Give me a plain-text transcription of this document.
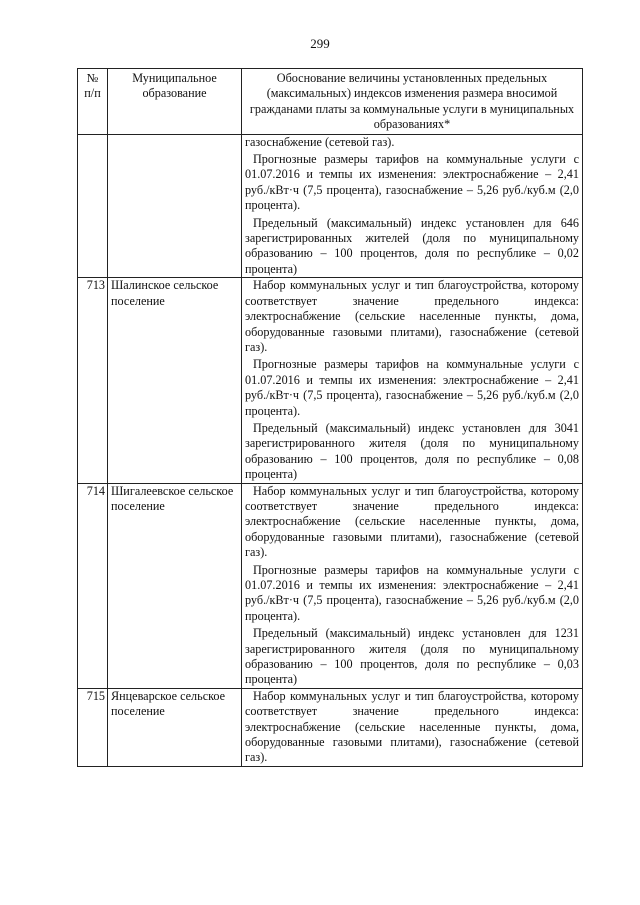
299
№ п/п	Муниципальное образование	Обоснование величины установленных предельных (максимальных) индексов изменения размера вносимой гражданами платы за коммунальные услуги в муниципальных образованиях*

		газоснабжение (сетевой газ).

Прогнозные размеры тарифов на коммунальные услуги с 01.07.2016 и темпы их изменения: электроснабжение – 2,41 руб./кВт·ч (7,5 процента), газоснабжение – 5,26 руб./куб.м (2,0 процента).

Предельный (максимальный) индекс установлен для 646 зарегистрированных жителей (доля по муниципальному образованию – 100 процентов, доля по республике – 0,02 процента)

713	Шалинское сельское поселение	Набор коммунальных услуг и тип благоустройства, которому соответствует значение предельного индекса: электроснабжение (сельские населенные пункты, дома, оборудованные газовыми плитами), газоснабжение (сетевой газ).

Прогнозные размеры тарифов на коммунальные услуги с 01.07.2016 и темпы их изменения: электроснабжение – 2,41 руб./кВт·ч (7,5 процента), газоснабжение – 5,26 руб./куб.м (2,0 процента).

Предельный (максимальный) индекс установлен для 3041 зарегистрированного жителя (доля по муниципальному образованию – 100 процентов, доля по республике – 0,08 процента)

714	Шигалеевское сельское поселение	Набор коммунальных услуг и тип благоустройства, которому соответствует значение предельного индекса: электроснабжение (сельские населенные пункты, дома, оборудованные газовыми плитами), газоснабжение (сетевой газ).

Прогнозные размеры тарифов на коммунальные услуги с 01.07.2016 и темпы их изменения: электроснабжение – 2,41 руб./кВт·ч (7,5 процента), газоснабжение – 5,26 руб./куб.м (2,0 процента).

Предельный (максимальный) индекс установлен для 1231 зарегистрированного жителя (доля по муниципальному образованию – 100 процентов, доля по республике – 0,03 процента)

715	Янцеварское сельское поселение	Набор коммунальных услуг и тип благоустройства, которому соответствует значение предельного индекса: электроснабжение (сельские населенные пункты, дома, оборудованные газовыми плитами), газоснабжение (сетевой газ).
